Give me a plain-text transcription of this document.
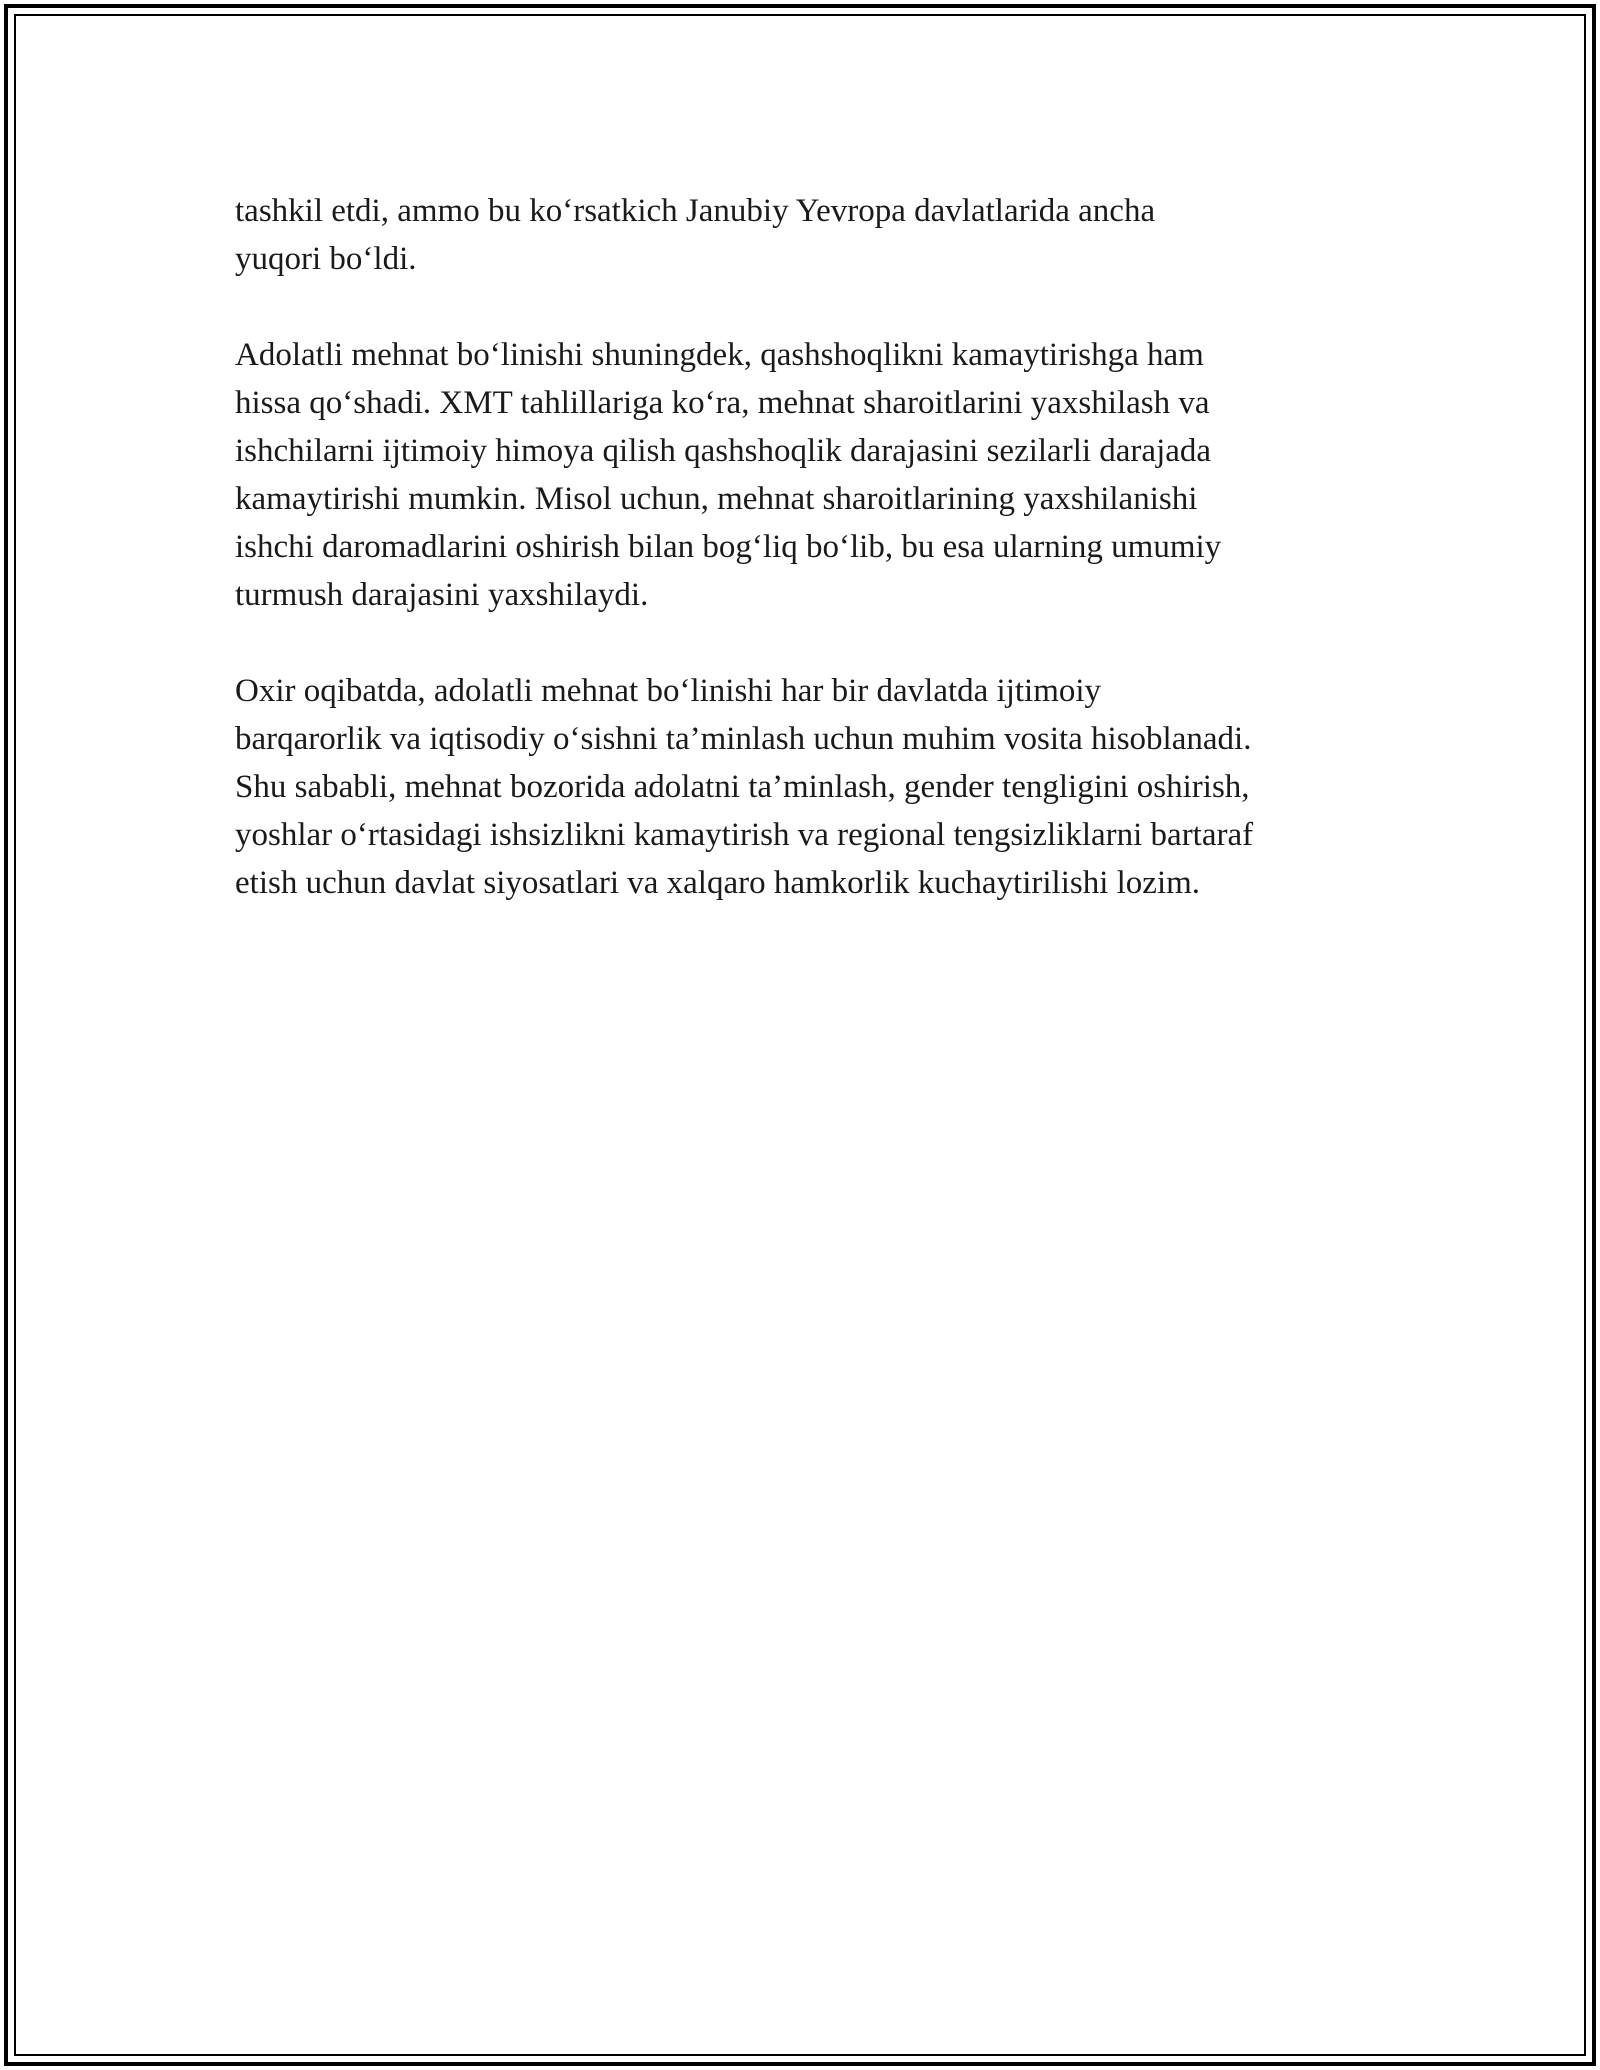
tashkil etdi, ammo bu ko‘rsatkich Janubiy Yevropa davlatlarida ancha
yuqori bo‘ldi.

Adolatli mehnat bo‘linishi shuningdek, qashshoqlikni kamaytirishga ham
hissa qo‘shadi. XMT tahlillariga ko‘ra, mehnat sharoitlarini yaxshilash va
ishchilarni ijtimoiy himoya qilish qashshoqlik darajasini sezilarli darajada
kamaytirishi mumkin. Misol uchun, mehnat sharoitlarining yaxshilanishi
ishchi daromadlarini oshirish bilan bog‘liq bo‘lib, bu esa ularning umumiy
turmush darajasini yaxshilaydi.

Oxir oqibatda, adolatli mehnat bo‘linishi har bir davlatda ijtimoiy
barqarorlik va iqtisodiy o‘sishni ta’minlash uchun muhim vosita hisoblanadi.
Shu sababli, mehnat bozorida adolatni ta’minlash, gender tengligini oshirish,
yoshlar o‘rtasidagi ishsizlikni kamaytirish va regional tengsizliklarni bartaraf
etish uchun davlat siyosatlari va xalqaro hamkorlik kuchaytirilishi lozim.
